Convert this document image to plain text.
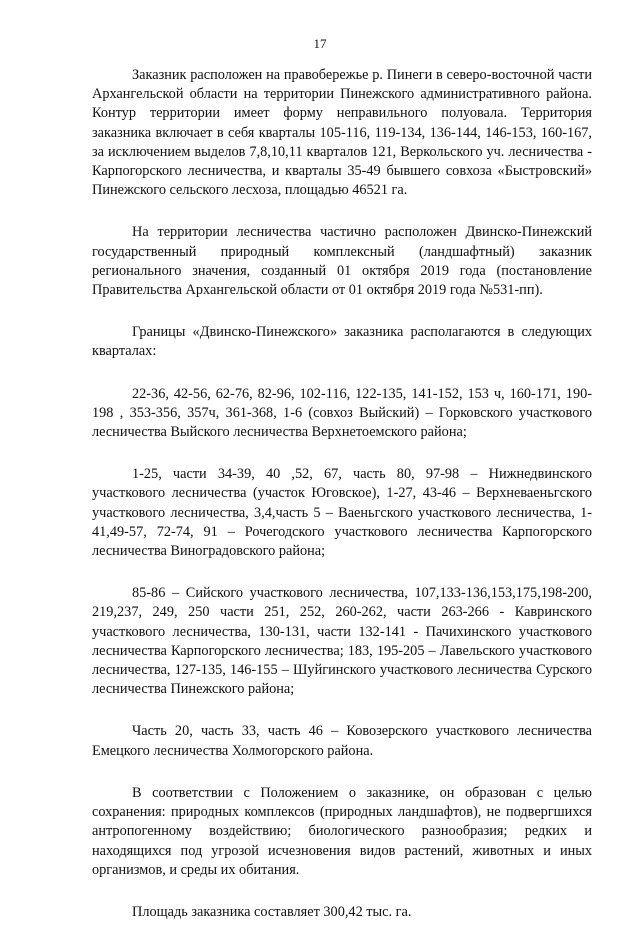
17

Заказник расположен на правобережье р. Пинеги в северо-восточной части Архангельской области на территории Пинежского административного района. Контур территории имеет форму неправильного полуовала. Территория заказника включает в себя кварталы 105-116, 119-134, 136-144, 146-153, 160-167, за исключением выделов 7,8,10,11 кварталов 121, Веркольского уч. лесничества - Карпогорского лесничества, и кварталы 35-49 бывшего совхоза «Быстровский» Пинежского сельского лесхоза, площадью 46521 га.

На территории лесничества частично расположен Двинско-Пинежский государственный природный комплексный (ландшафтный) заказник регионального значения, созданный 01 октября 2019 года (постановление Правительства Архангельской области от 01 октября 2019 года №531-пп).

Границы «Двинско-Пинежского» заказника располагаются в следующих кварталах:

22-36, 42-56, 62-76, 82-96, 102-116, 122-135, 141-152, 153 ч, 160-171, 190-198 , 353-356, 357ч, 361-368, 1-6 (совхоз Выйский) – Горковского участкового лесничества Выйского лесничества Верхнетоемского района;

1-25, части 34-39, 40 ,52, 67, часть 80, 97-98 – Нижнедвинского участкового лесничества (участок Юговское), 1-27, 43-46 – Верхневаеньгского участкового лесничества, 3,4,часть 5 – Ваеньгского участкового лесничества, 1-41,49-57, 72-74, 91 – Рочегодского участкового лесничества Карпогорского лесничества Виноградовского района;

85-86 – Сийского участкового лесничества, 107,133-136,153,175,198-200, 219,237, 249, 250 части 251, 252, 260-262, части 263-266 - Кавринского участкового лесничества, 130-131, части 132-141 - Пачихинского участкового лесничества Карпогорского лесничества; 183, 195-205 – Лавельского участкового лесничества, 127-135, 146-155 – Шуйгинского участкового лесничества Сурского лесничества Пинежского района;

Часть 20, часть 33, часть 46 – Ковозерского участкового лесничества Емецкого лесничества Холмогорского района.

В соответствии с Положением о заказнике, он образован с целью сохранения: природных комплексов (природных ландшафтов), не подвергшихся антропогенному воздействию; биологического разнообразия; редких и находящихся под угрозой исчезновения видов растений, животных и иных организмов, и среды их обитания.

Площадь заказника составляет 300,42 тыс. га.
